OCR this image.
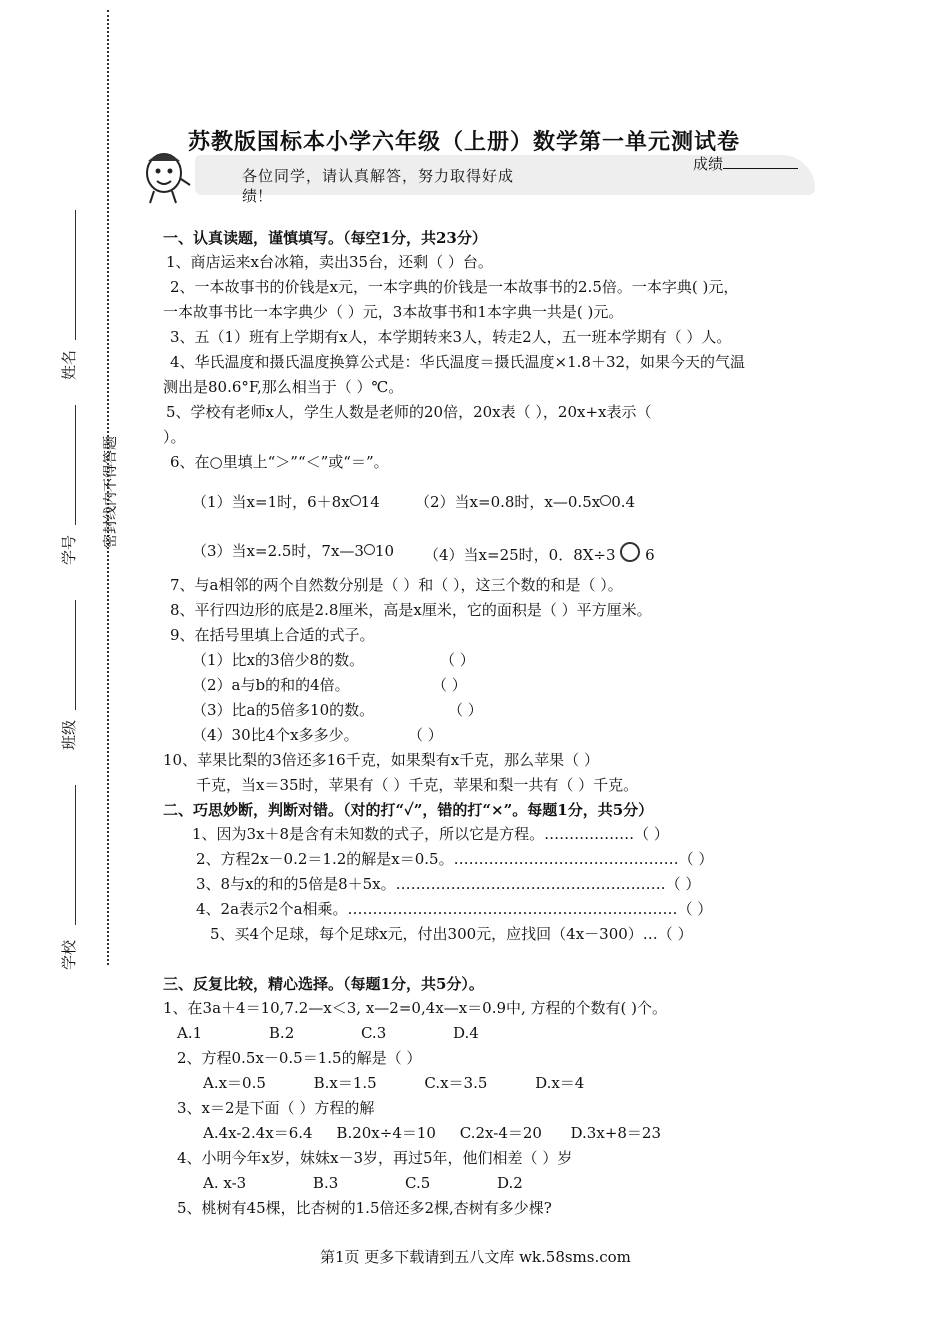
姓名
学号
班级
学校
密封线内不得答题
苏教版国标本小学六年级（上册）数学第一单元测试卷
各位同学，请认真解答，努力取得好成
绩！
成绩
一、认真读题，谨慎填写。（每空1分，共23分）
1、商店运来x台冰箱，卖出35台，还剩（ ）台。
2、一本故事书的价钱是x元，一本字典的价钱是一本故事书的2.5倍。一本字典( )元，
一本故事书比一本字典少（ ）元，3本故事书和1本字典一共是( )元。
3、五（1）班有上学期有x人，本学期转来3人，转走2人，五一班本学期有（ ）人。
4、华氏温度和摄氏温度换算公式是：华氏温度＝摄氏温度×1.8＋32，如果今天的气温
测出是80.6°F,那么相当于（ ）℃。
5、学校有老师x人，学生人数是老师的20倍，20x表（ ），20x+x表示（
）。
6、在○里填上“＞”“＜”或“＝”。
（1）当x=1时，6＋8x 14 （2）当x=0.8时，x—0.5x 0.4
（3）当x=2.5时，7x—3 10 （4）当x=25时，0．8X÷3 6
7、与a相邻的两个自然数分别是（ ）和（ ），这三个数的和是（ ）。
8、平行四边形的底是2.8厘米，高是x厘米，它的面积是（ ）平方厘米。
9、在括号里填上合适的式子。
（1）比x的3倍少8的数。	（ ）
（2）a与b的和的4倍。	（ ）
（3）比a的5倍多10的数。	（ ）
（4）30比4个x多多少。	（ ）
10、苹果比梨的3倍还多16千克，如果梨有x千克，那么苹果（ ）
千克，当x＝35时，苹果有（ ）千克，苹果和梨一共有（ ）千克。
二、巧思妙断，判断对错。（对的打“✓”，错的打“×”。每题1分，共5分）
1、因为3x＋8是含有未知数的式子，所以它是方程。………………（ ）
2、方程2x－0.2＝1.2的解是x＝0.5。………………………………………（ ）
3、8与x的和的5倍是8＋5x。………………………………………………（ ）
4、2a表示2个a相乘。…………………………………………………………（ ）
5、买4个足球，每个足球x元，付出300元，应找回（4x－300）…（ ）
三、反复比较，精心选择。（每题1分，共5分）。
1、在3a＋4＝10,7.2—x＜3, x—2=0,4x—x＝0.9中, 方程的个数有( )个。
A.1              B.2              C.3              D.4
2、方程0.5x－0.5＝1.5的解是（ ）
A.x＝0.5          B.x＝1.5          C.x＝3.5          D.x＝4
3、x＝2是下面（ ）方程的解
A.4x-2.4x＝6.4     B.20x÷4＝10     C.2x-4＝20      D.3x+8＝23
4、小明今年x岁，妹妹x－3岁，再过5年，他们相差（ ）岁
A. x-3              B.3              C.5              D.2
5、桃树有45棵，比杏树的1.5倍还多2棵,杏树有多少棵?
第1页 更多下载请到五八文库 wk.58sms.com
